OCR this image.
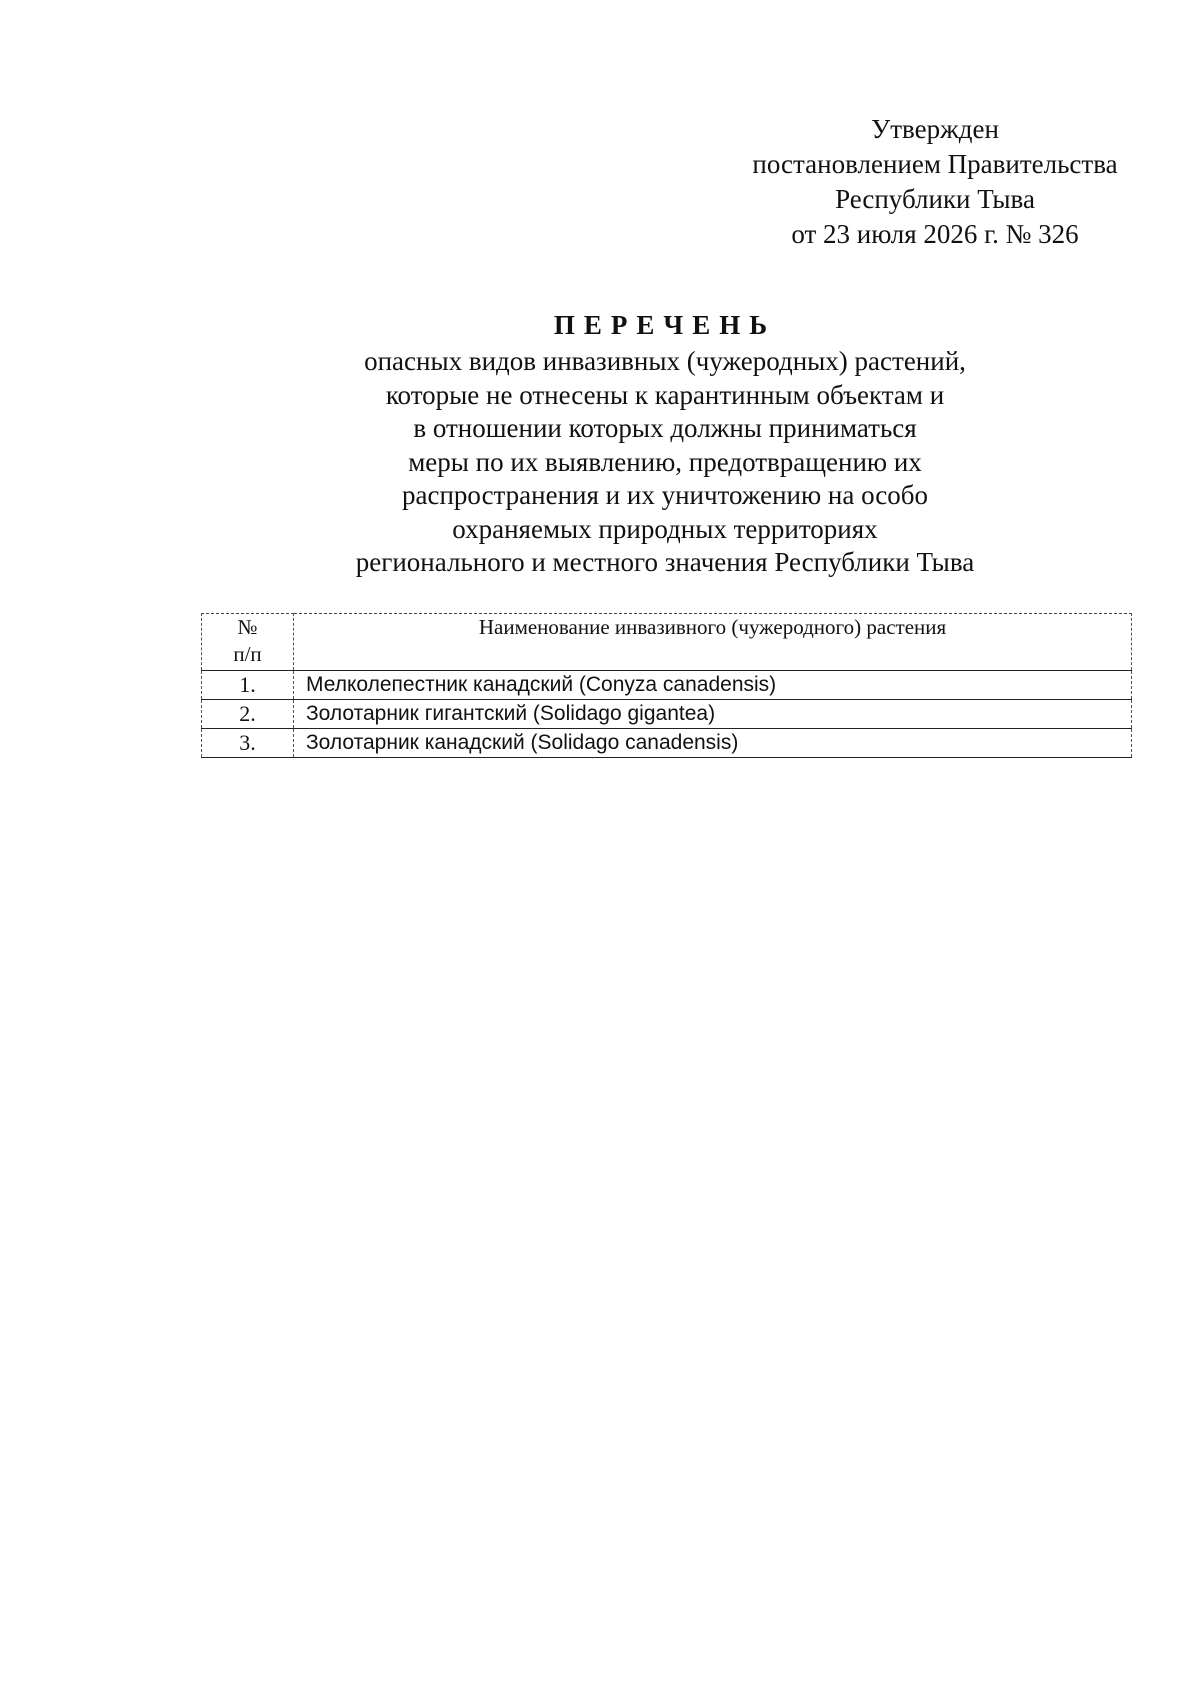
Утвержден
постановлением Правительства
Республики Тыва
от 23 июля 2026 г. № 326
ПЕРЕЧЕНЬ
опасных видов инвазивных (чужеродных) растений,
которые не отнесены к карантинным объектам и
в отношении которых должны приниматься
меры по их выявлению, предотвращению их
распространения и их уничтожению на особо
охраняемых природных территориях
регионального и местного значения Республики Тыва
№
п/п	Наименование инвазивного (чужеродного) растения
1.	Мелколепестник канадский (Conyza canadensis)
2.	Золотарник гигантский (Solidago gigantea)
3.	Золотарник канадский (Solidago canadensis)
